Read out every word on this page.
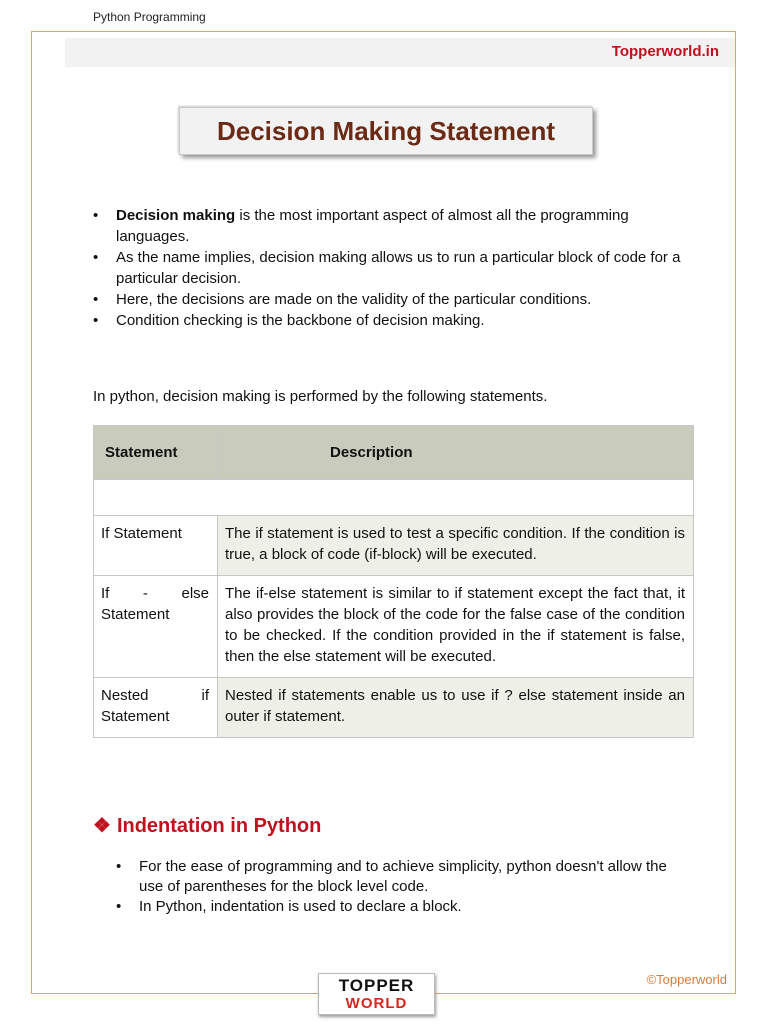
Python Programming
Topperworld.in
Decision Making Statement
• Decision making is the most important aspect of almost all the programming languages.
• As the name implies, decision making allows us to run a particular block of code for a particular decision.
• Here, the decisions are made on the validity of the particular conditions.
• Condition checking is the backbone of decision making.
In python, decision making is performed by the following statements.
Statement	Description

If Statement	The if statement is used to test a specific condition. If the condition is true, a block of code (if-block) will be executed.
If - else Statement	The if-else statement is similar to if statement except the fact that, it also provides the block of the code for the false case of the condition to be checked. If the condition provided in the if statement is false, then the else statement will be executed.
Nested if Statement	Nested if statements enable us to use if ? else statement inside an outer if statement.
❖ Indentation in Python
• For the ease of programming and to achieve simplicity, python doesn't allow the use of parentheses for the block level code.
• In Python, indentation is used to declare a block.
©Topperworld
TOPPER
WORLD
